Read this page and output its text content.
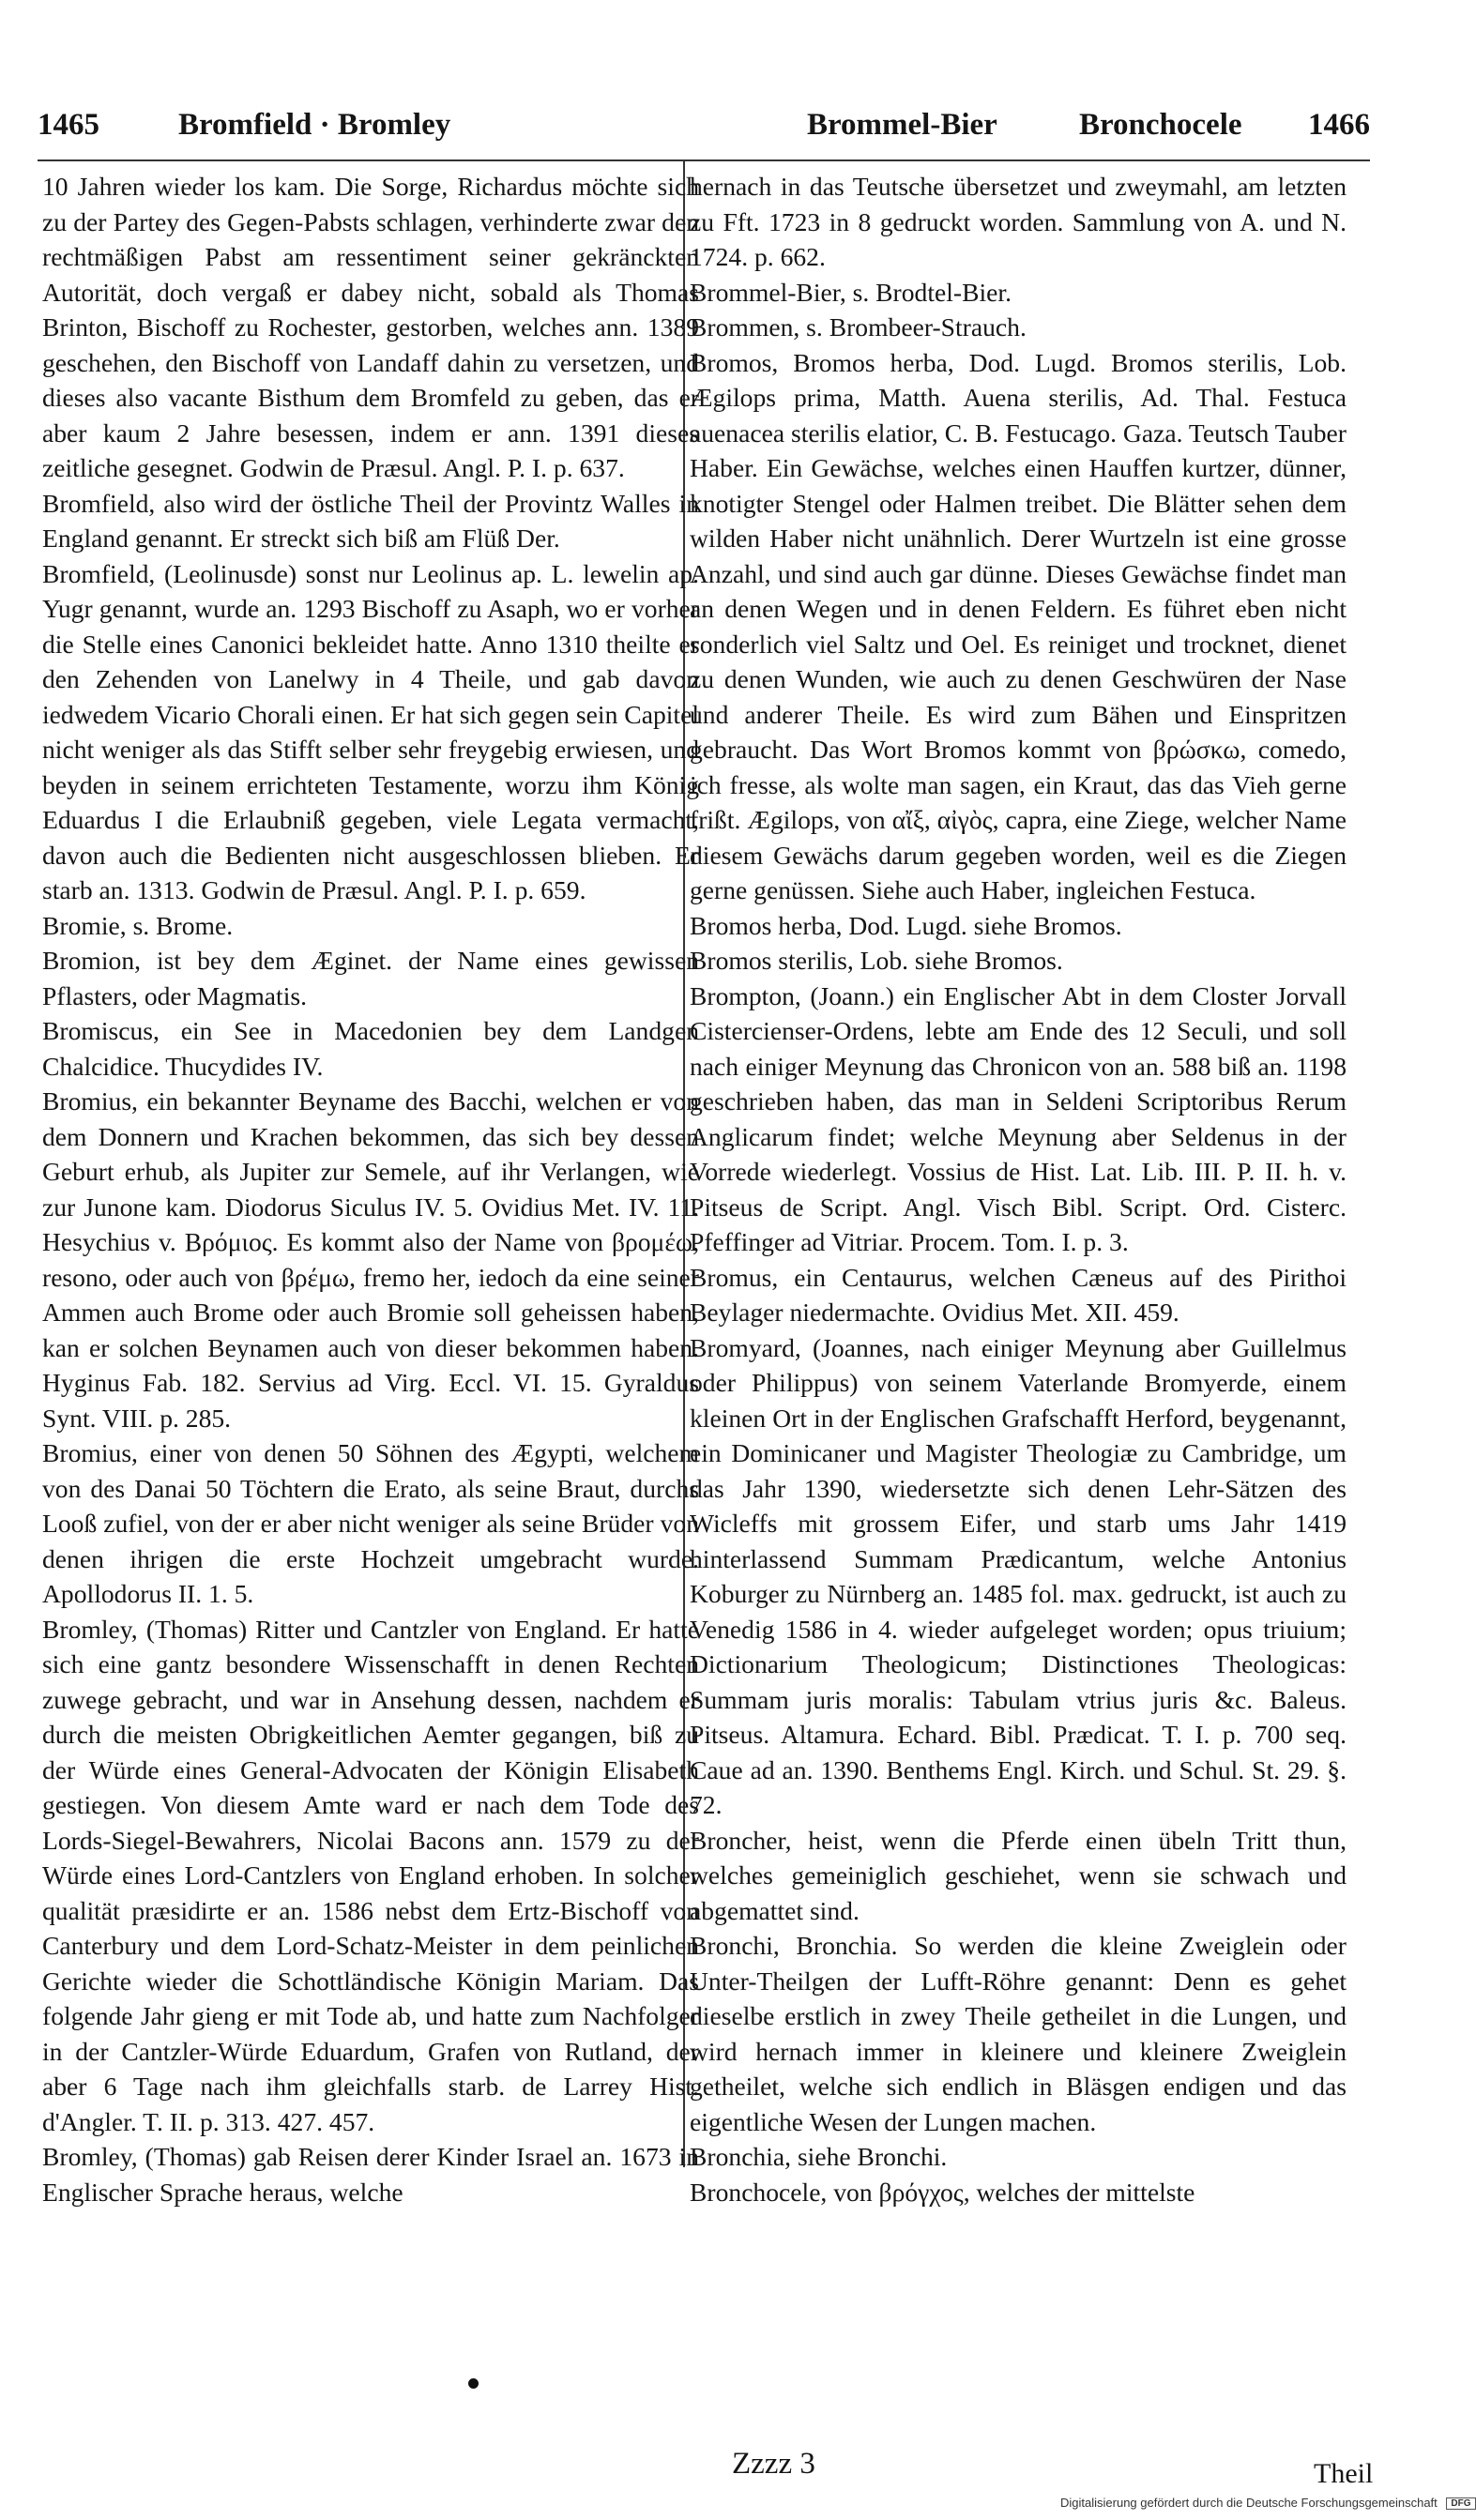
1465	Bromfield · Bromley	Brommel-Bier	Bronchocele 1466

10 Jahren wieder los kam. Die Sorge, Richardus möchte sich zu der Partey des Gegen-Pabsts schlagen, verhinderte zwar den rechtmäßigen Pabst am ressentiment seiner gekränckten Autorität, doch vergaß er dabey nicht, sobald als Thomas Brinton, Bischoff zu Rochester, gestorben, welches ann. 1389 geschehen, den Bischoff von Landaff dahin zu versetzen, und dieses also vacante Bisthum dem Bromfeld zu geben, das er aber kaum 2 Jahre besessen, indem er ann. 1391 dieses zeitliche gesegnet. Godwin de Præsul. Angl. P. I. p. 637.

Bromfield, also wird der östliche Theil der Provintz Walles in England genannt. Er streckt sich biß am Flüß Der.

Bromfield, (Leolinusde) sonst nur Leolinus ap. L. lewelin ap. Yugr genannt, wurde an. 1293 Bischoff zu Asaph, wo er vorher die Stelle eines Canonici bekleidet hatte. Anno 1310 theilte er den Zehenden von Lanelwy in 4 Theile, und gab davon iedwedem Vicario Chorali einen. Er hat sich gegen sein Capitel nicht weniger als das Stifft selber sehr freygebig erwiesen, und beyden in seinem errichteten Testamente, worzu ihm König Eduardus I die Erlaubniß gegeben, viele Legata vermacht, davon auch die Bedienten nicht ausgeschlossen blieben. Er starb an. 1313. Godwin de Præsul. Angl. P. I. p. 659.

Bromie, s. Brome.

Bromion, ist bey dem Æginet. der Name eines gewissen Pflasters, oder Magmatis.

Bromiscus, ein See in Macedonien bey dem Landgen Chalcidice. Thucydides IV.

Bromius, ein bekannter Beyname des Bacchi, welchen er von dem Donnern und Krachen bekommen, das sich bey dessen Geburt erhub, als Jupiter zur Semele, auf ihr Verlangen, wie zur Junone kam. Diodorus Siculus IV. 5. Ovidius Met. IV. 11. Hesychius v. Βρόμιος. Es kommt also der Name von βρομέω, resono, oder auch von βρέμω, fremo her, iedoch da eine seiner Ammen auch Brome oder auch Bromie soll geheissen haben, kan er solchen Beynamen auch von dieser bekommen haben. Hyginus Fab. 182. Servius ad Virg. Eccl. VI. 15. Gyraldus Synt. VIII. p. 285.

Bromius, einer von denen 50 Söhnen des Ægypti, welchem von des Danai 50 Töchtern die Erato, als seine Braut, durchs Looß zufiel, von der er aber nicht weniger als seine Brüder von denen ihrigen die erste Hochzeit umgebracht wurde. Apollodorus II. 1. 5.

Bromley, (Thomas) Ritter und Cantzler von England. Er hatte sich eine gantz besondere Wissenschafft in denen Rechten zuwege gebracht, und war in Ansehung dessen, nachdem er durch die meisten Obrigkeitlichen Aemter gegangen, biß zu der Würde eines General-Advocaten der Königin Elisabeth gestiegen. Von diesem Amte ward er nach dem Tode des Lords-Siegel-Bewahrers, Nicolai Bacons ann. 1579 zu der Würde eines Lord-Cantzlers von England erhoben. In solcher qualität præsidirte er an. 1586 nebst dem Ertz-Bischoff von Canterbury und dem Lord-Schatz-Meister in dem peinlichen Gerichte wieder die Schottländische Königin Mariam. Das folgende Jahr gieng er mit Tode ab, und hatte zum Nachfolger in der Cantzler-Würde Eduardum, Grafen von Rutland, der aber 6 Tage nach ihm gleichfalls starb. de Larrey Hist. d'Angler. T. II. p. 313. 427. 457.

Bromley, (Thomas) gab Reisen derer Kinder Israel an. 1673 in Englischer Sprache heraus, welche

hernach in das Teutsche übersetzet und zweymahl, am letzten zu Fft. 1723 in 8 gedruckt worden. Sammlung von A. und N. 1724. p. 662.

Brommel-Bier, s. Brodtel-Bier.

Brommen, s. Brombeer-Strauch.

Bromos, Bromos herba, Dod. Lugd. Bromos sterilis, Lob. Ægilops prima, Matth. Auena sterilis, Ad. Thal. Festuca auenacea sterilis elatior, C. B. Festucago. Gaza. Teutsch Tauber Haber. Ein Gewächse, welches einen Hauffen kurtzer, dünner, knotigter Stengel oder Halmen treibet. Die Blätter sehen dem wilden Haber nicht unähnlich. Derer Wurtzeln ist eine grosse Anzahl, und sind auch gar dünne. Dieses Gewächse findet man an denen Wegen und in denen Feldern. Es führet eben nicht sonderlich viel Saltz und Oel. Es reiniget und trocknet, dienet zu denen Wunden, wie auch zu denen Geschwüren der Nase und anderer Theile. Es wird zum Bähen und Einspritzen gebraucht. Das Wort Bromos kommt von βρώσκω, comedo, ich fresse, als wolte man sagen, ein Kraut, das das Vieh gerne frißt. Ægilops, von αἴξ, αἰγὸς, capra, eine Ziege, welcher Name diesem Gewächs darum gegeben worden, weil es die Ziegen gerne genüssen. Siehe auch Haber, ingleichen Festuca.

Bromos herba, Dod. Lugd. siehe Bromos.

Bromos sterilis, Lob. siehe Bromos.

Brompton, (Joann.) ein Englischer Abt in dem Closter Jorvall Cistercienser-Ordens, lebte am Ende des 12 Seculi, und soll nach einiger Meynung das Chronicon von an. 588 biß an. 1198 geschrieben haben, das man in Seldeni Scriptoribus Rerum Anglicarum findet; welche Meynung aber Seldenus in der Vorrede wiederlegt. Vossius de Hist. Lat. Lib. III. P. II. h. v. Pitseus de Script. Angl. Visch Bibl. Script. Ord. Cisterc. Pfeffinger ad Vitriar. Procem. Tom. I. p. 3.

Bromus, ein Centaurus, welchen Cæneus auf des Pirithoi Beylager niedermachte. Ovidius Met. XII. 459.

Bromyard, (Joannes, nach einiger Meynung aber Guillelmus oder Philippus) von seinem Vaterlande Bromyerde, einem kleinen Ort in der Englischen Grafschafft Herford, beygenannt, ein Dominicaner und Magister Theologiæ zu Cambridge, um das Jahr 1390, wiedersetzte sich denen Lehr-Sätzen des Wicleffs mit grossem Eifer, und starb ums Jahr 1419 hinterlassend Summam Prædicantum, welche Antonius Koburger zu Nürnberg an. 1485 fol. max. gedruckt, ist auch zu Venedig 1586 in 4. wieder aufgeleget worden; opus triuium; Dictionarium Theologicum; Distinctiones Theologicas: Summam juris moralis: Tabulam vtrius juris &c. Baleus. Pitseus. Altamura. Echard. Bibl. Prædicat. T. I. p. 700 seq. Caue ad an. 1390. Benthems Engl. Kirch. und Schul. St. 29. §. 72.

Broncher, heist, wenn die Pferde einen übeln Tritt thun, welches gemeiniglich geschiehet, wenn sie schwach und abgemattet sind.

Bronchi, Bronchia. So werden die kleine Zweiglein oder Unter-Theilgen der Lufft-Röhre genannt: Denn es gehet dieselbe erstlich in zwey Theile getheilet in die Lungen, und wird hernach immer in kleinere und kleinere Zweiglein getheilet, welche sich endlich in Bläsgen endigen und das eigentliche Wesen der Lungen machen.

Bronchia, siehe Bronchi.

Bronchocele, von βρόγχος, welches der mittelste

Zzzz 3	Theil
Digitalisierung gefördert durch die Deutsche Forschungsgemeinschaft DFG
